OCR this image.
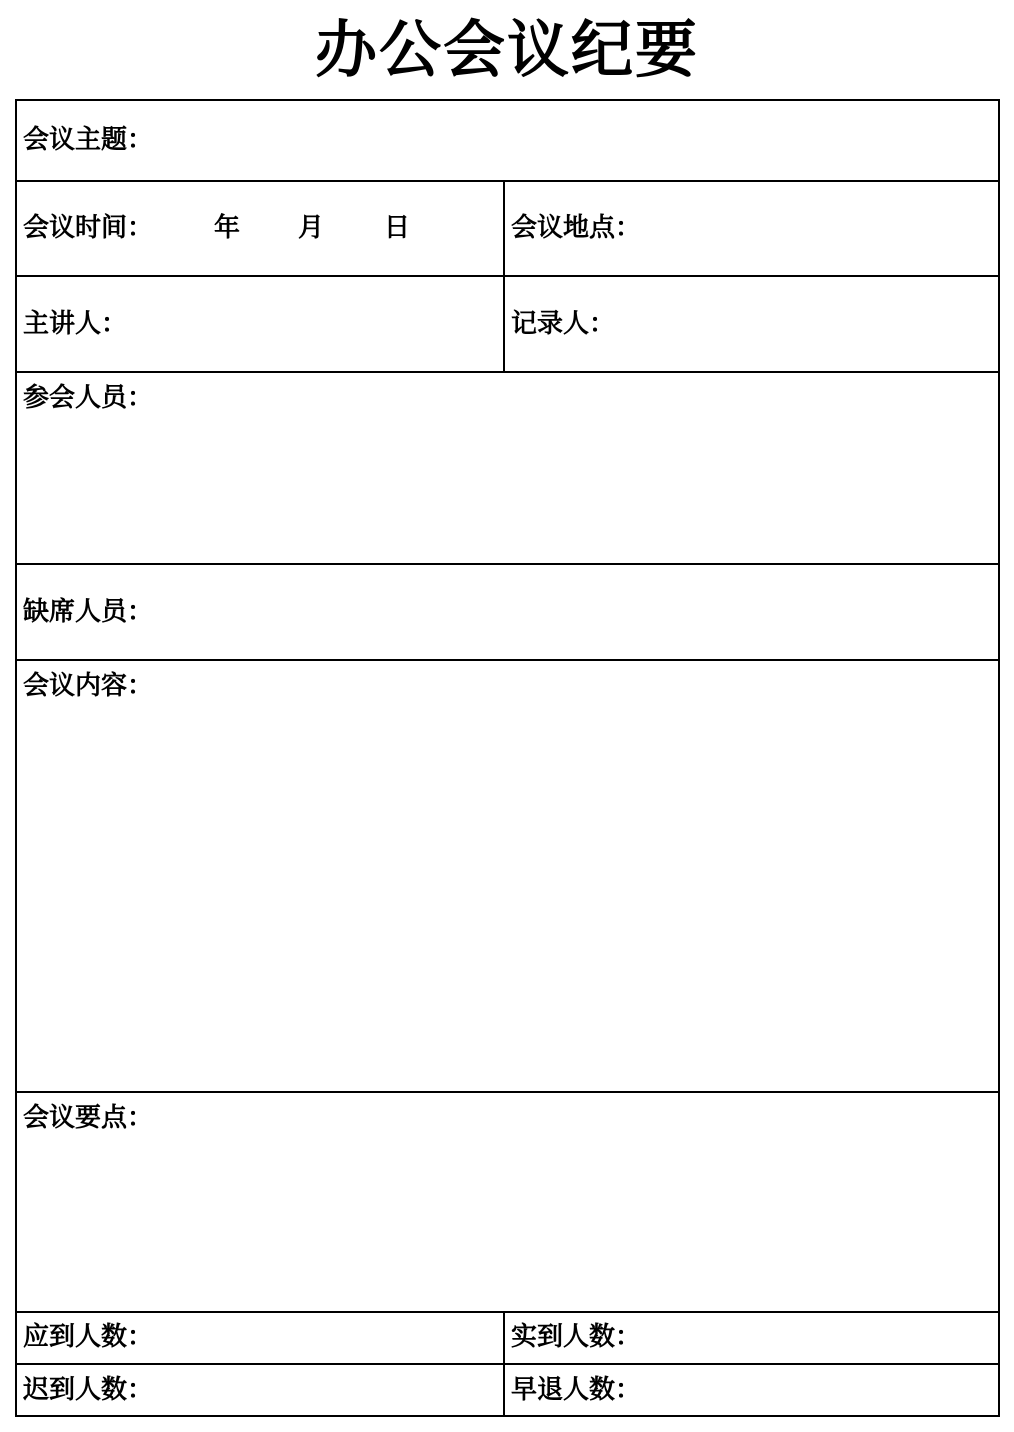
办公会议纪要
会议主题：
会议时间： 年 月 日	会议地点：
主讲人：	记录人：
参会人员：
缺席人员：
会议内容：
会议要点：
应到人数：	实到人数：
迟到人数：	早退人数：
